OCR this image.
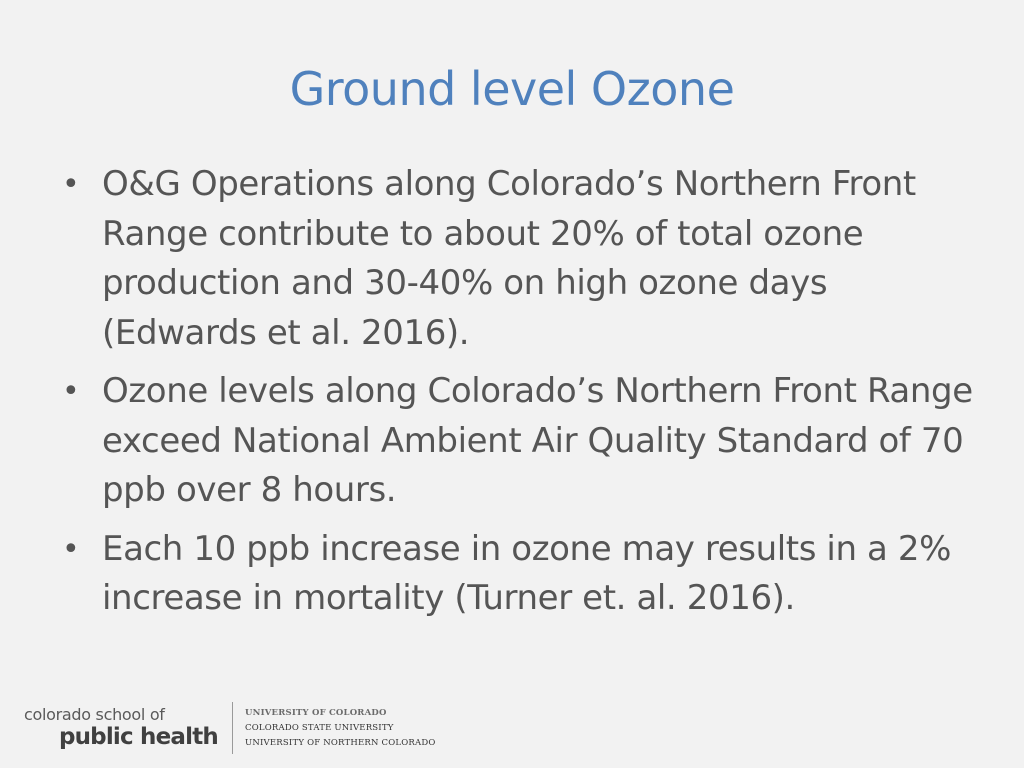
Ground level Ozone
• O&G Operations along Colorado’s Northern Front Range contribute to about 20% of total ozone production and 30-40% on high ozone days (Edwards et al. 2016).
• Ozone levels along Colorado’s Northern Front Range exceed National Ambient Air Quality Standard of 70 ppb over 8 hours.
• Each 10 ppb increase in ozone may results in a 2% increase in mortality (Turner et. al. 2016).
colorado school of
public health
UNIVERSITY OF COLORADO
COLORADO STATE UNIVERSITY
UNIVERSITY OF NORTHERN COLORADO
